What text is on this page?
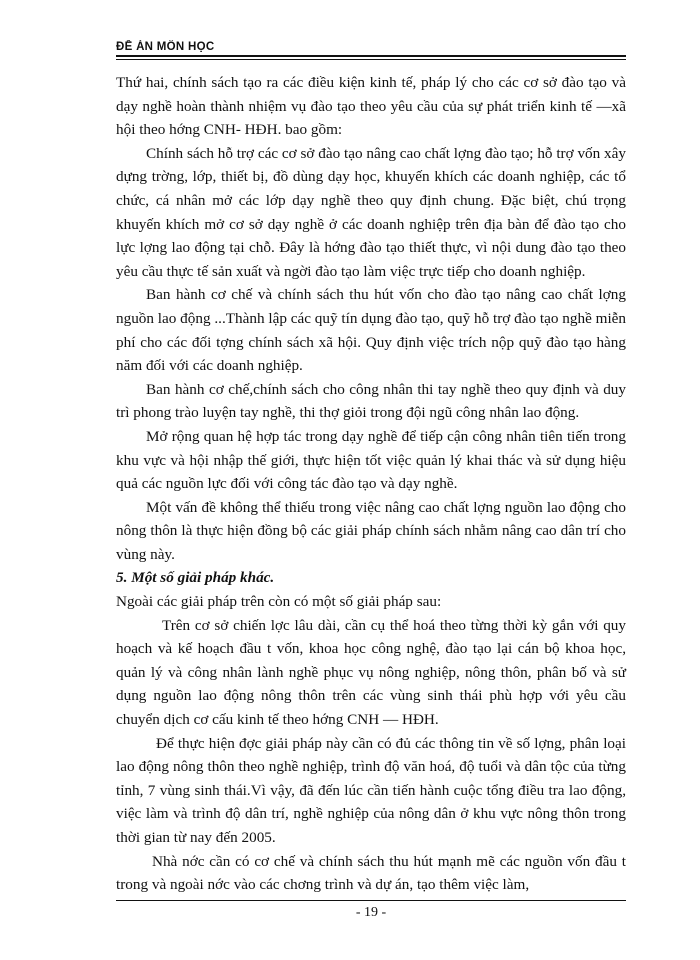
ĐỀ ÁN MÔN HỌC

Thứ hai, chính sách tạo ra các điều kiện kinh tế, pháp lý cho các cơ sở đào tạo và dạy nghề hoàn thành nhiệm vụ đào tạo theo yêu cầu của sự phát triển kinh tế —xã hội theo hớng CNH- HĐH. bao gồm:

Chính sách hỗ trợ các cơ sở đào tạo nâng cao chất lợng đào tạo; hỗ trợ vốn xây dựng trờng, lớp, thiết bị, đồ dùng dạy học, khuyến khích các doanh nghiệp, các tổ chức, cá nhân mở các lớp dạy nghề theo quy định chung. Đặc biệt, chú trọng khuyến khích mở cơ sở dạy nghề ở các doanh nghiệp trên địa bàn để đào tạo cho lực lợng lao động tại chỗ. Đây là hớng đào tạo thiết thực, vì nội dung đào tạo theo yêu cầu thực tế sản xuất và ngời đào tạo làm việc trực tiếp cho doanh nghiệp.

Ban hành cơ chế và chính sách thu hút vốn cho đào tạo nâng cao chất lợng nguồn lao động ...Thành lập các quỹ tín dụng đào tạo, quỹ hỗ trợ đào tạo nghề miễn phí cho các đối tợng chính sách xã hội. Quy định việc trích nộp quỹ đào tạo hàng năm đối với các doanh nghiệp.

Ban hành cơ chế,chính sách cho công nhân thi tay nghề theo quy định và duy trì phong trào luyện tay nghề, thi thợ giỏi trong đội ngũ công nhân lao động.

Mở rộng quan hệ hợp tác trong dạy nghề để tiếp cận công nhân tiên tiến trong khu vực và hội nhập thế giới, thực hiện tốt việc quản lý khai thác và sử dụng hiệu quả các nguồn lực đối với công tác đào tạo và dạy nghề.

Một vấn đề không thể thiếu trong việc nâng cao chất lợng nguồn lao động cho nông thôn là thực hiện đồng bộ các giải pháp chính sách nhằm nâng cao dân trí cho vùng này.

5. Một số giải pháp khác.

Ngoài các giải pháp trên còn có một số giải pháp sau:

Trên cơ sở chiến lợc lâu dài, cần cụ thể hoá theo từng thời kỳ gắn với quy hoạch và kế hoạch đầu t vốn, khoa học công nghệ, đào tạo lại cán bộ khoa học, quản lý và công nhân lành nghề phục vụ nông nghiệp, nông thôn, phân bố và sử dụng nguồn lao động nông thôn trên các vùng sinh thái phù hợp với yêu cầu chuyển dịch cơ cấu kinh tế theo hớng CNH — HĐH.

Để thực hiện đợc giải pháp này cần có đủ các thông tin về số lợng, phân loại lao động nông thôn theo nghề nghiệp, trình độ văn hoá, độ tuổi và dân tộc của từng tỉnh, 7 vùng sinh thái.Vì vậy, đã đến lúc cần tiến hành cuộc tổng điều tra lao động, việc làm và trình độ dân trí, nghề nghiệp của nông dân ở khu vực nông thôn trong thời gian từ nay đến 2005.

Nhà nớc cần có cơ chế và chính sách thu hút mạnh mẽ các nguồn vốn đầu t trong và ngoài nớc vào các chơng trình và dự án, tạo thêm việc làm,

- 19 -
